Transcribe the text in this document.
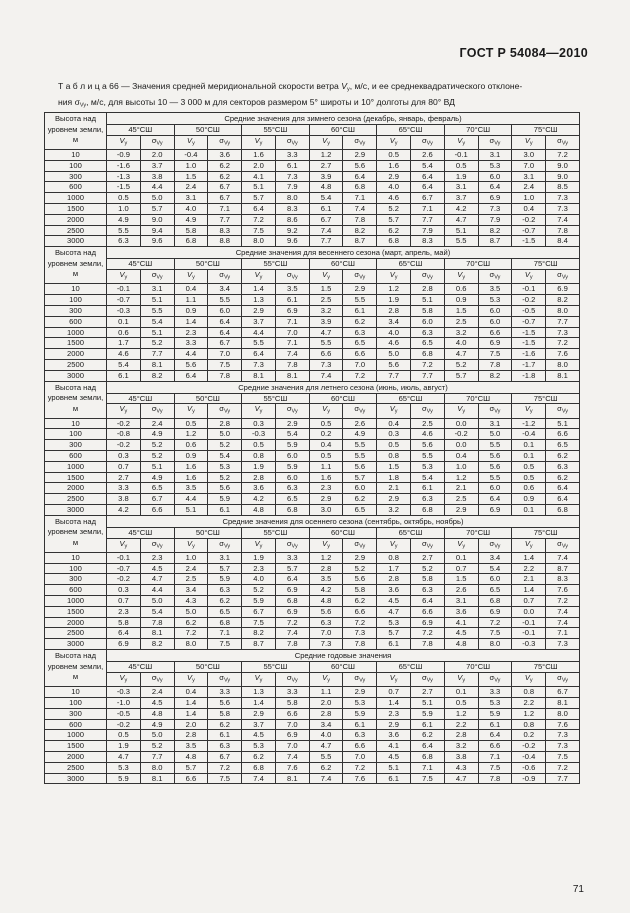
ГОСТ Р 54084—2010
Т а б л и ц а 66 — Значения средней меридиональной скорости ветра $V_y$, м/с, и ее среднеквадратического отклоне-
ния $\sigma_{Vy}$, м/с, для высоты 10 — 3 000 м для секторов размером 5° широты и 10° долготы для 80° ВД
Высота над уровнем земли, м	Средние значения для зимнего сезона (декабрь, январь, февраль)													
	45°СШ		50°СШ		55°СШ		60°СШ		65°СШ		70°СШ		75°СШ	
	$V_y$	$\sigma_{Vy}$	$V_y$	$\sigma_{Vy}$	$V_y$	$\sigma_{Vy}$	$V_y$	$\sigma_{Vy}$	$V_y$	$\sigma_{Vy}$	$V_y$	$\sigma_{Vy}$	$V_y$	$\sigma_{Vy}$
10	-0.9	2.0	-0.4	3.6	1.6	3.3	1.2	2.9	0.5	2.6	-0.1	3.1	3.0	7.2
100	-1.6	3.7	1.0	6.2	2.0	6.1	2.7	5.6	1.6	5.4	0.5	5.3	7.0	9.0
300	-1.3	3.8	1.5	6.2	4.1	7.3	3.9	6.4	2.9	6.4	1.9	6.0	3.1	9.0
600	-1.5	4.4	2.4	6.7	5.1	7.9	4.8	6.8	4.0	6.4	3.1	6.4	2.4	8.5
1000	0.5	5.0	3.1	6.7	5.7	8.0	5.4	7.1	4.6	6.7	3.7	6.9	1.0	7.3
1500	1.0	5.7	4.0	7.1	6.4	8.3	6.1	7.4	5.2	7.1	4.2	7.3	0.4	7.3
2000	4.9	9.0	4.9	7.7	7.2	8.6	6.7	7.8	5.7	7.7	4.7	7.9	-0.2	7.4
2500	5.5	9.4	5.8	8.3	7.5	9.2	7.4	8.2	6.2	7.9	5.1	8.2	-0.7	7.8
3000	6.3	9.6	6.8	8.8	8.0	9.6	7.7	8.7	6.8	8.3	5.5	8.7	-1.5	8.4
Высота над уровнем земли, м	Средние значения для весеннего сезона (март, апрель, май)													
	45°СШ		50°СШ		55°СШ		60°СШ		65°СШ		70°СШ		75°СШ	
	$V_y$	$\sigma_{Vy}$	$V_y$	$\sigma_{Vy}$	$V_y$	$\sigma_{Vy}$	$V_y$	$\sigma_{Vy}$	$V_y$	$\sigma_{Vy}$	$V_y$	$\sigma_{Vy}$	$V_y$	$\sigma_{Vy}$
10	-0.1	3.1	0.4	3.4	1.4	3.5	1.5	2.9	1.2	2.8	0.6	3.5	-0.1	6.9
100	-0.7	5.1	1.1	5.5	1.3	6.1	2.5	5.5	1.9	5.1	0.9	5.3	-0.2	8.2
300	-0.3	5.5	0.9	6.0	2.9	6.9	3.2	6.1	2.8	5.8	1.5	6.0	-0.5	8.0
600	0.1	5.4	1.4	6.4	3.7	7.1	3.9	6.2	3.4	6.0	2.5	6.0	-0.7	7.7
1000	0.6	5.1	2.3	6.4	4.4	7.0	4.7	6.3	4.0	6.3	3.2	6.6	-1.5	7.3
1500	1.7	5.2	3.3	6.7	5.5	7.1	5.5	6.5	4.6	6.5	4.0	6.9	-1.5	7.2
2000	4.6	7.7	4.4	7.0	6.4	7.4	6.6	6.6	5.0	6.8	4.7	7.5	-1.6	7.6
2500	5.4	8.1	5.6	7.5	7.3	7.8	7.3	7.0	5.6	7.2	5.2	7.8	-1.7	8.0
3000	6.1	8.2	6.4	7.8	8.1	8.1	7.4	7.2	7.7	7.7	5.7	8.2	-1.8	8.1
Высота над уровнем земли, м	Средние значения для летнего сезона (июнь, июль, август)													
	45°СШ		50°СШ		55°СШ		60°СШ		65°СШ		70°СШ		75°СШ	
	$V_y$	$\sigma_{Vy}$	$V_y$	$\sigma_{Vy}$	$V_y$	$\sigma_{Vy}$	$V_y$	$\sigma_{Vy}$	$V_y$	$\sigma_{Vy}$	$V_y$	$\sigma_{Vy}$	$V_y$	$\sigma_{Vy}$
10	-0.2	2.4	0.5	2.8	0.3	2.9	0.5	2.6	0.4	2.5	0.0	3.1	-1.2	5.1
100	-0.8	4.9	1.2	5.0	-0.3	5.4	0.2	4.9	0.3	4.6	-0.2	5.0	-0.4	6.6
300	-0.2	5.2	0.6	5.2	0.5	5.9	0.4	5.5	0.5	5.6	0.0	5.5	0.1	6.5
600	0.3	5.2	0.9	5.4	0.8	6.0	0.5	5.5	0.8	5.5	0.4	5.6	0.1	6.2
1000	0.7	5.1	1.6	5.3	1.9	5.9	1.1	5.6	1.5	5.3	1.0	5.6	0.5	6.3
1500	2.7	4.9	1.6	5.2	2.8	6.0	1.6	5.7	1.8	5.4	1.2	5.5	0.5	6.2
2000	3.3	6.5	3.5	5.6	3.6	6.3	2.3	6.0	2.1	6.1	2.1	6.0	0.6	6.4
2500	3.8	6.7	4.4	5.9	4.2	6.5	2.9	6.2	2.9	6.3	2.5	6.4	0.9	6.4
3000	4.2	6.6	5.1	6.1	4.8	6.8	3.0	6.5	3.2	6.8	2.9	6.9	0.1	6.8
Высота над уровнем земли, м	Средние значения для осеннего сезона (сентябрь, октябрь, ноябрь)													
	45°СШ		50°СШ		55°СШ		60°СШ		65°СШ		70°СШ		75°СШ	
	$V_y$	$\sigma_{Vy}$	$V_y$	$\sigma_{Vy}$	$V_y$	$\sigma_{Vy}$	$V_y$	$\sigma_{Vy}$	$V_y$	$\sigma_{Vy}$	$V_y$	$\sigma_{Vy}$	$V_y$	$\sigma_{Vy}$
10	-0.1	2.3	1.0	3.1	1.9	3.3	1.2	2.9	0.8	2.7	0.1	3.4	1.4	7.4
100	-0.7	4.5	2.4	5.7	2.3	5.7	2.8	5.2	1.7	5.2	0.7	5.4	2.2	8.7
300	-0.2	4.7	2.5	5.9	4.0	6.4	3.5	5.6	2.8	5.8	1.5	6.0	2.1	8.3
600	0.3	4.4	3.4	6.3	5.2	6.9	4.2	5.8	3.6	6.3	2.6	6.5	1.4	7.6
1000	0.7	5.0	4.3	6.2	5.9	6.8	4.8	6.2	4.5	6.4	3.1	6.8	0.7	7.2
1500	2.3	5.4	5.0	6.5	6.7	6.9	5.6	6.6	4.7	6.6	3.6	6.9	0.0	7.4
2000	5.8	7.8	6.2	6.8	7.5	7.2	6.3	7.2	5.3	6.9	4.1	7.2	-0.1	7.4
2500	6.4	8.1	7.2	7.1	8.2	7.4	7.0	7.3	5.7	7.2	4.5	7.5	-0.1	7.1
3000	6.9	8.2	8.0	7.5	8.7	7.8	7.3	7.8	6.1	7.8	4.8	8.0	-0.3	7.3
Высота над уровнем земли, м	Средние годовые значения													
	45°СШ		50°СШ		55°СШ		60°СШ		65°СШ		70°СШ		75°СШ	
	$V_y$	$\sigma_{Vy}$	$V_y$	$\sigma_{Vy}$	$V_y$	$\sigma_{Vy}$	$V_y$	$\sigma_{Vy}$	$V_y$	$\sigma_{Vy}$	$V_y$	$\sigma_{Vy}$	$V_y$	$\sigma_{Vy}$
10	-0.3	2.4	0.4	3.3	1.3	3.3	1.1	2.9	0.7	2.7	0.1	3.3	0.8	6.7
100	-1.0	4.5	1.4	5.6	1.4	5.8	2.0	5.3	1.4	5.1	0.5	5.3	2.2	8.1
300	-0.5	4.8	1.4	5.8	2.9	6.6	2.8	5.9	2.3	5.9	1.2	5.9	1.2	8.0
600	-0.2	4.9	2.0	6.2	3.7	7.0	3.4	6.1	2.9	6.1	2.2	6.1	0.8	7.6
1000	0.5	5.0	2.8	6.1	4.5	6.9	4.0	6.3	3.6	6.2	2.8	6.4	0.2	7.3
1500	1.9	5.2	3.5	6.3	5.3	7.0	4.7	6.6	4.1	6.4	3.2	6.6	-0.2	7.3
2000	4.7	7.7	4.8	6.7	6.2	7.4	5.5	7.0	4.5	6.8	3.8	7.1	-0.4	7.5
2500	5.3	8.0	5.7	7.2	6.8	7.6	6.2	7.2	5.1	7.1	4.3	7.5	-0.6	7.2
3000	5.9	8.1	6.6	7.5	7.4	8.1	7.4	7.6	6.1	7.5	4.7	7.8	-0.9	7.7
71
